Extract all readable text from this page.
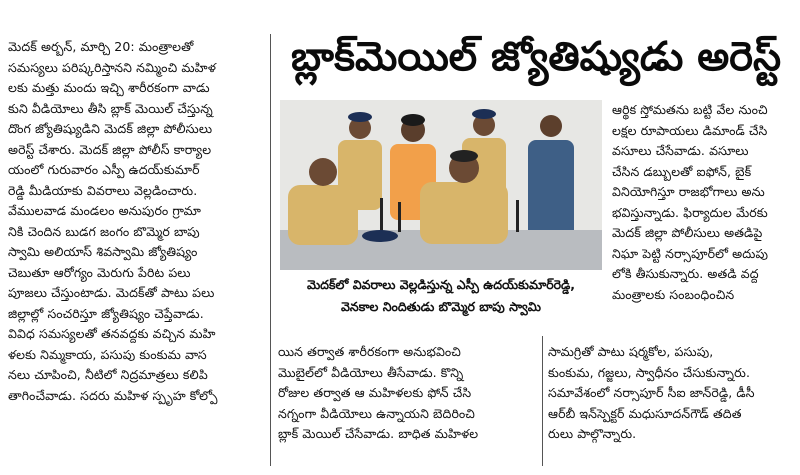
బ్లాక్‌మెయిల్ జ్యోతిష్యుడు అరెస్ట్
మెదక్ అర్బన్, మార్చి 20: మంత్రాలతో
సమస్యలు పరిష్కరిస్తానని నమ్మించి మహిళ
లకు మత్తు మందు ఇచ్చి శారీరకంగా వాడు
కుని వీడియోలు తీసి బ్లాక్ మెయిల్ చేస్తున్న
దొంగ జ్యోతిష్యుడిని మెదక్ జిల్లా పోలీసులు
అరెస్ట్ చేశారు. మెదక్ జిల్లా పోలీస్ కార్యాల
యంలో గురువారం ఎస్పీ ఉదయ్‌కుమార్
రెడ్డి మీడియాకు వివరాలు వెల్లడించారు.
వేములవాడ మండలం అనుపురం గ్రామా
నికి చెందిన బుడగ జంగం బొమ్మెర బాపు
స్వామి అలియాస్ శివస్వామి జ్యోతిష్యం
చెబుతూ ఆరోగ్యం మెరుగు పేరిట పలు
పూజలు చేస్తుంటాడు. మెదక్‌తో పాటు పలు
జిల్లాల్లో సంచరిస్తూ జ్యోతిష్యం చెప్తేవాడు.
వివిధ సమస్యలతో తనవద్దకు వచ్చిన మహి
ళలకు నిమ్మకాయ, పసుపు కుంకుమ వాస
నలు చూపించి, నీటిలో నిద్రమాత్రలు కలిపి
తాగించేవాడు. సదరు మహిళ స్పృహ కోల్పో
మెదక్‌లో వివరాలు వెల్లడిస్తున్న ఎస్పీ ఉదయ్‌కుమార్‌రెడ్డి,
వెనకాల నిందితుడు బొమ్మెర బాపు స్వామి
యిన తర్వాత శారీరకంగా అనుభవించి
మొబైల్‌లో వీడియోలు తీసేవాడు. కొన్ని
రోజుల తర్వాత ఆ మహిళలకు ఫోన్ చేసి
నగ్నంగా వీడియోలు ఉన్నాయని బెదిరించి
బ్లాక్ మెయిల్ చేసేవాడు. బాధిత మహిళల
ఆర్థిక స్తోమతను బట్టి వేల నుంచి
లక్షల రూపాయలు డిమాండ్ చేసి
వసూలు చేసేవాడు. వసూలు
చేసిన డబ్బులతో ఐఫోన్, బైక్
వినియోగిస్తూ రాజభోగాలు అను
భవిస్తున్నాడు. ఫిర్యాదుల మేరకు
మెదక్ జిల్లా పోలీసులు అతడిపై
నిఘా పెట్టి నర్సాపూర్‌లో అదుపు
లోకి తీసుకున్నారు. అతడి వద్ద
మంత్రాలకు సంబంధించిన
సామగ్రితో పాటు షర్మకోల, పసుపు,
కుంకుమ, గజ్జలు, స్వాధీనం చేసుకున్నారు.
సమావేశంలో నర్సాపూర్ సీఐ జాన్‌రెడ్డి, డీసీ
ఆర్‌బీ ఇన్‌స్పెక్టర్ మధుసూదన్‌గౌడ్ తదిత
రులు పాల్గొన్నారు.
